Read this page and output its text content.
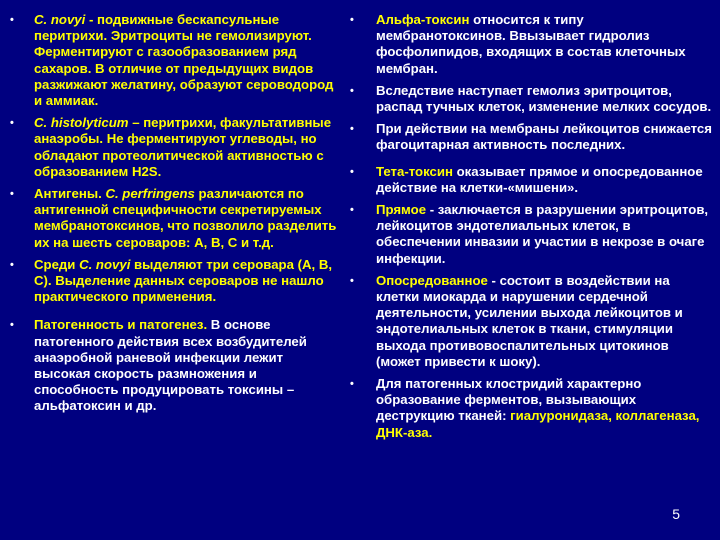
• C. novyi - подвижные бескапсульные перитрихи. Эритроциты не гемолизируют. Ферментируют с газообразованием ряд сахаров. В отличие от предыдущих видов разжижают желатину, образуют сероводород и аммиак.
• C. histolyticum – перитрихи, факультативные анаэробы. Не ферментируют углеводы, но обладают протеолитической активностью с образованием H2S.
• Антигены. C. perfringens различаются по антигенной специфичности секретируемых мембранотоксинов, что позволило разделить их на шесть сероваров: А, В, С и т.д.
• Среди C. novyi выделяют три серовара (А, В, С). Выделение данных сероваров не нашло практического применения.
• Патогенность и патогенез. В основе патогенного действия всех возбудителей анаэробной раневой инфекции лежит высокая скорость размножения и способность продуцировать токсины – альфатоксин и др.
• Альфа-токсин относится к типу мембранотоксинов. Ввызывает гидролиз фосфолипидов, входящих в состав клеточных мембран.
• Вследствие наступает гемолиз эритроцитов, распад тучных клеток, изменение мелких сосудов.
• При действии на мембраны лейкоцитов снижается фагоцитарная активность последних.
• Тета-токсин оказывает прямое и опосредованное действие на клетки-«мишени».
• Прямое - заключается в разрушении эритроцитов, лейкоцитов эндотелиальных клеток, в обеспечении инвазии и участии в некрозе в очаге инфекции.
• Опосредованное - состоит в воздействии на клетки миокарда и нарушении сердечной деятельности, усилении выхода лейкоцитов и эндотелиальных клеток в ткани, стимуляции выхода противовоспалительных цитокинов (может привести к шоку).
• Для патогенных клостридий характерно образование ферментов, вызывающих деструкцию тканей: гиалуронидаза, коллагеназа, ДНК-аза.
5
